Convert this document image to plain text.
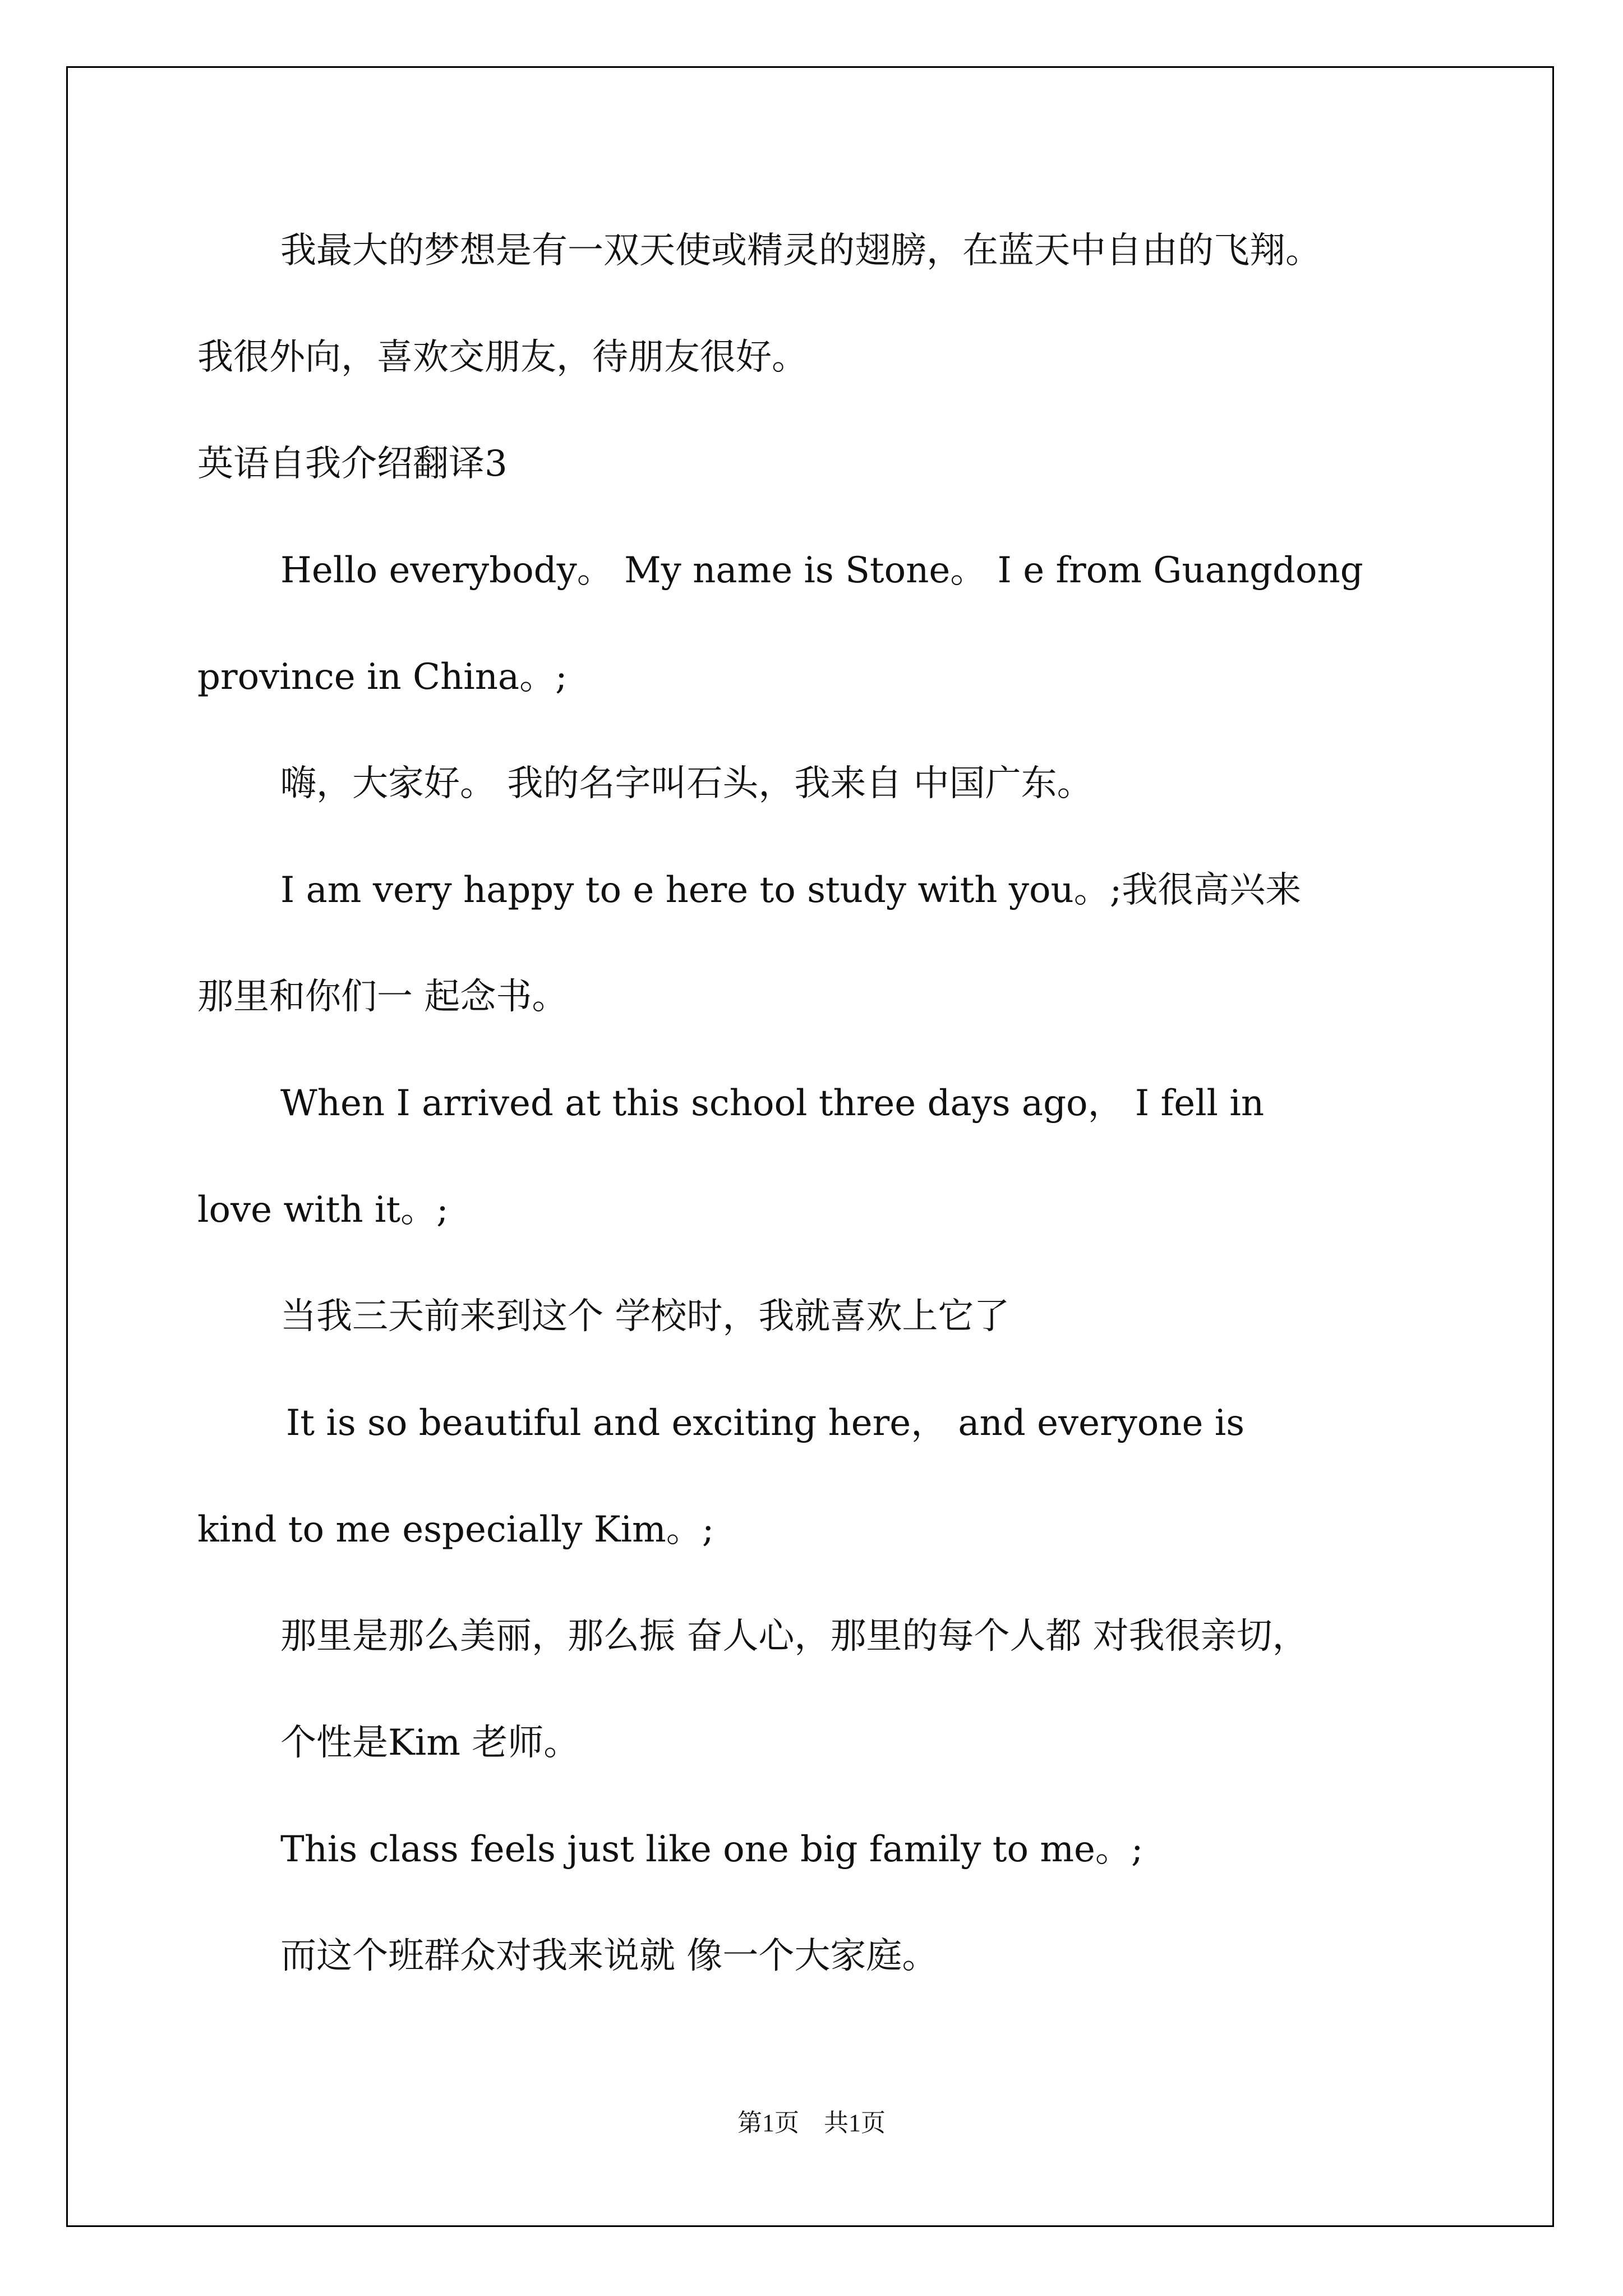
我最大的梦想是有一双天使或精灵的翅膀，在蓝天中自由的飞翔。

我很外向，喜欢交朋友，待朋友很好。

英语自我介绍翻译3

Hello everybody。 My name is Stone。 I e from Guangdong

province in China。;

嗨，大家好。 我的名字叫石头，我来自 中国广东。

I am very happy to e here to study with you。;我很高兴来

那里和你们一 起念书。

When I arrived at this school three days ago， I fell in

love with it。;

当我三天前来到这个 学校时，我就喜欢上它了

It is so beautiful and exciting here， and everyone is

kind to me especially Kim。;

那里是那么美丽，那么振 奋人心，那里的每个人都 对我很亲切，

个性是Kim 老师。

This class feels just like one big family to me。;

而这个班群众对我来说就 像一个大家庭。

第1页　共1页
